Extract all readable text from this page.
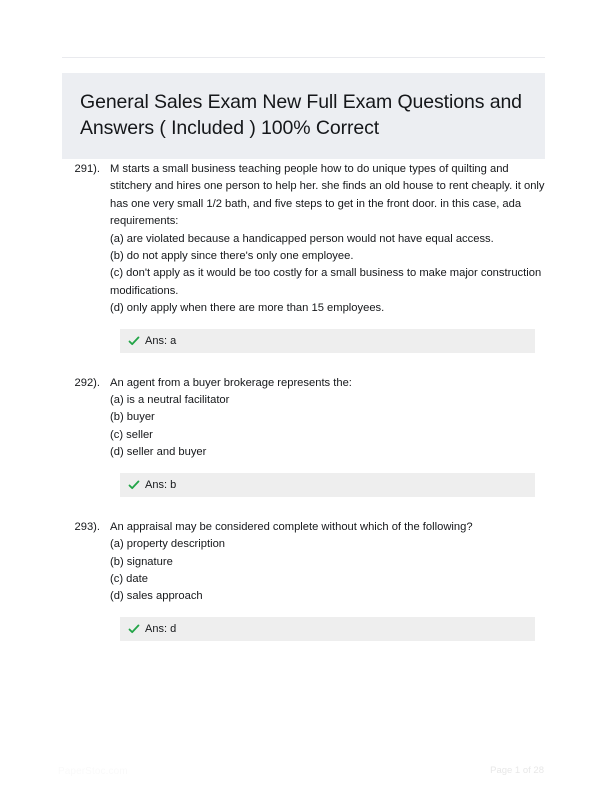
General Sales Exam New Full Exam Questions and Answers ( Included ) 100% Correct
291). M starts a small business teaching people how to do unique types of quilting and stitchery and hires one person to help her. she finds an old house to rent cheaply. it only has one very small 1/2 bath, and five steps to get in the front door. in this case, ada requirements:

(a) are violated because a handicapped person would not have equal access.

(b) do not apply since there's only one employee.

(c) don't apply as it would be too costly for a small business to make major construction modifications.

(d) only apply when there are more than 15 employees.

Ans: a
292). An agent from a buyer brokerage represents the:

(a) is a neutral facilitator

(b) buyer

(c) seller

(d) seller and buyer

Ans: b
293). An appraisal may be considered complete without which of the following?

(a) property description

(b) signature

(c) date

(d) sales approach

Ans: d
PaperStoc.com	Page 1 of 28
